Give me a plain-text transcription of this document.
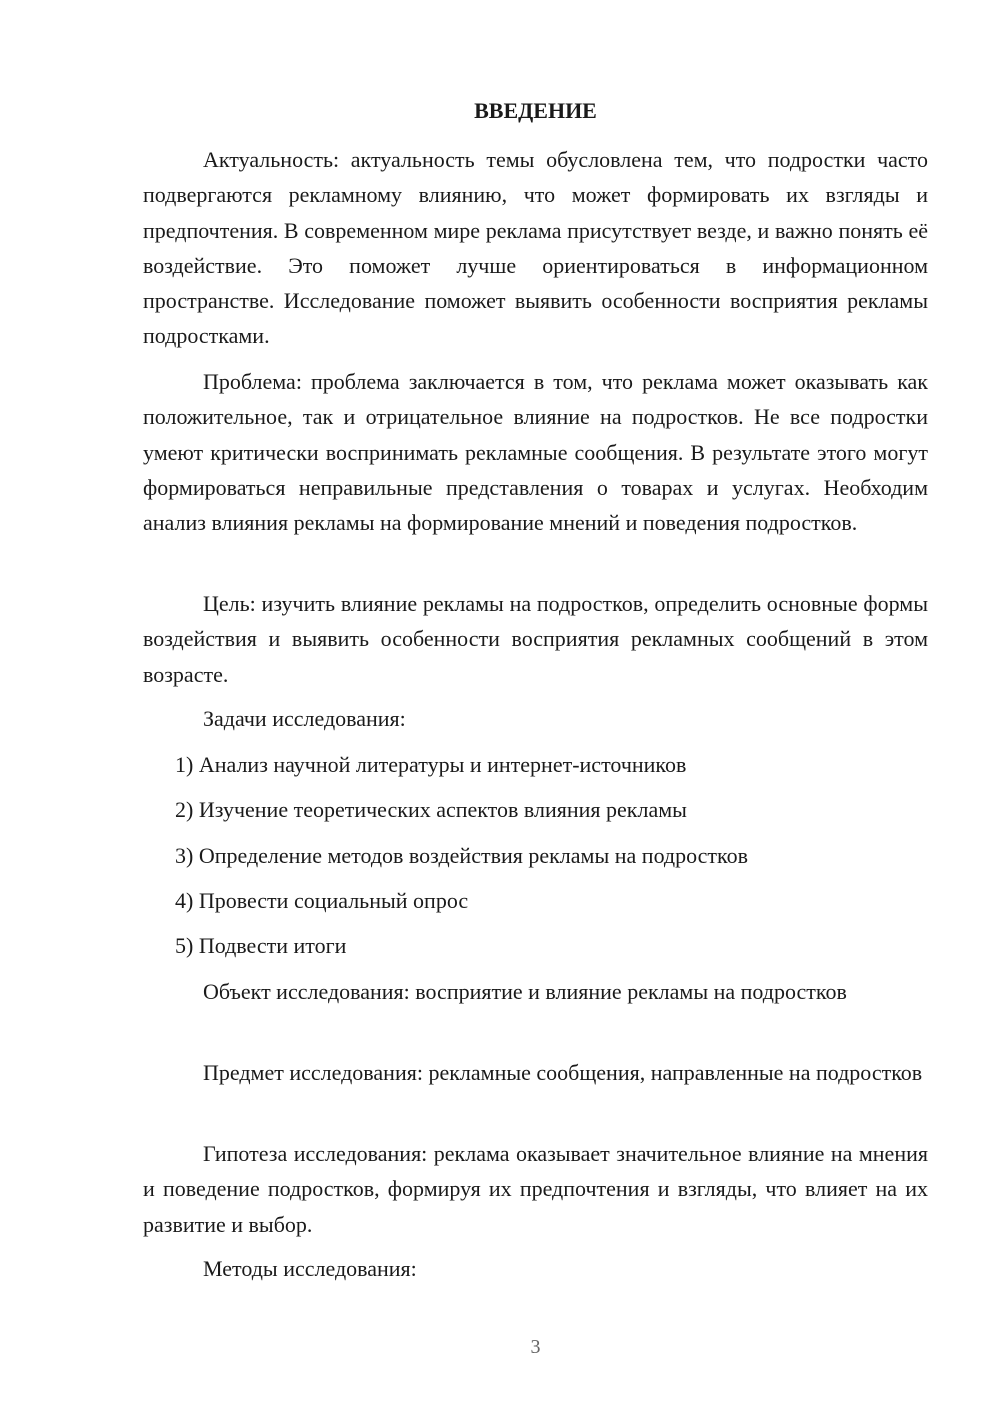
ВВЕДЕНИЕ

Актуальность: актуальность темы обусловлена тем, что подростки часто подвергаются рекламному влиянию, что может формировать их взгляды и предпочтения. В современном мире реклама присутствует везде, и важно понять её воздействие. Это поможет лучше ориентироваться в информационном пространстве. Исследование поможет выявить особенности восприятия рекламы подростками.

Проблема: проблема заключается в том, что реклама может оказывать как положительное, так и отрицательное влияние на подростков. Не все подростки умеют критически воспринимать рекламные сообщения. В результате этого могут формироваться неправильные представления о товарах и услугах. Необходим анализ влияния рекламы на формирование мнений и поведения подростков.

Цель: изучить влияние рекламы на подростков, определить основные формы воздействия и выявить особенности восприятия рекламных сообщений в этом возрасте.

Задачи исследования:

1) Анализ научной литературы и интернет-источников

2) Изучение теоретических аспектов влияния рекламы

3) Определение методов воздействия рекламы на подростков

4) Провести социальный опрос

5) Подвести итоги

Объект исследования: восприятие и влияние рекламы на подростков

Предмет исследования: рекламные сообщения, направленные на подростков

Гипотеза исследования: реклама оказывает значительное влияние на мнения и поведение подростков, формируя их предпочтения и взгляды, что влияет на их развитие и выбор.

Методы исследования:

3
